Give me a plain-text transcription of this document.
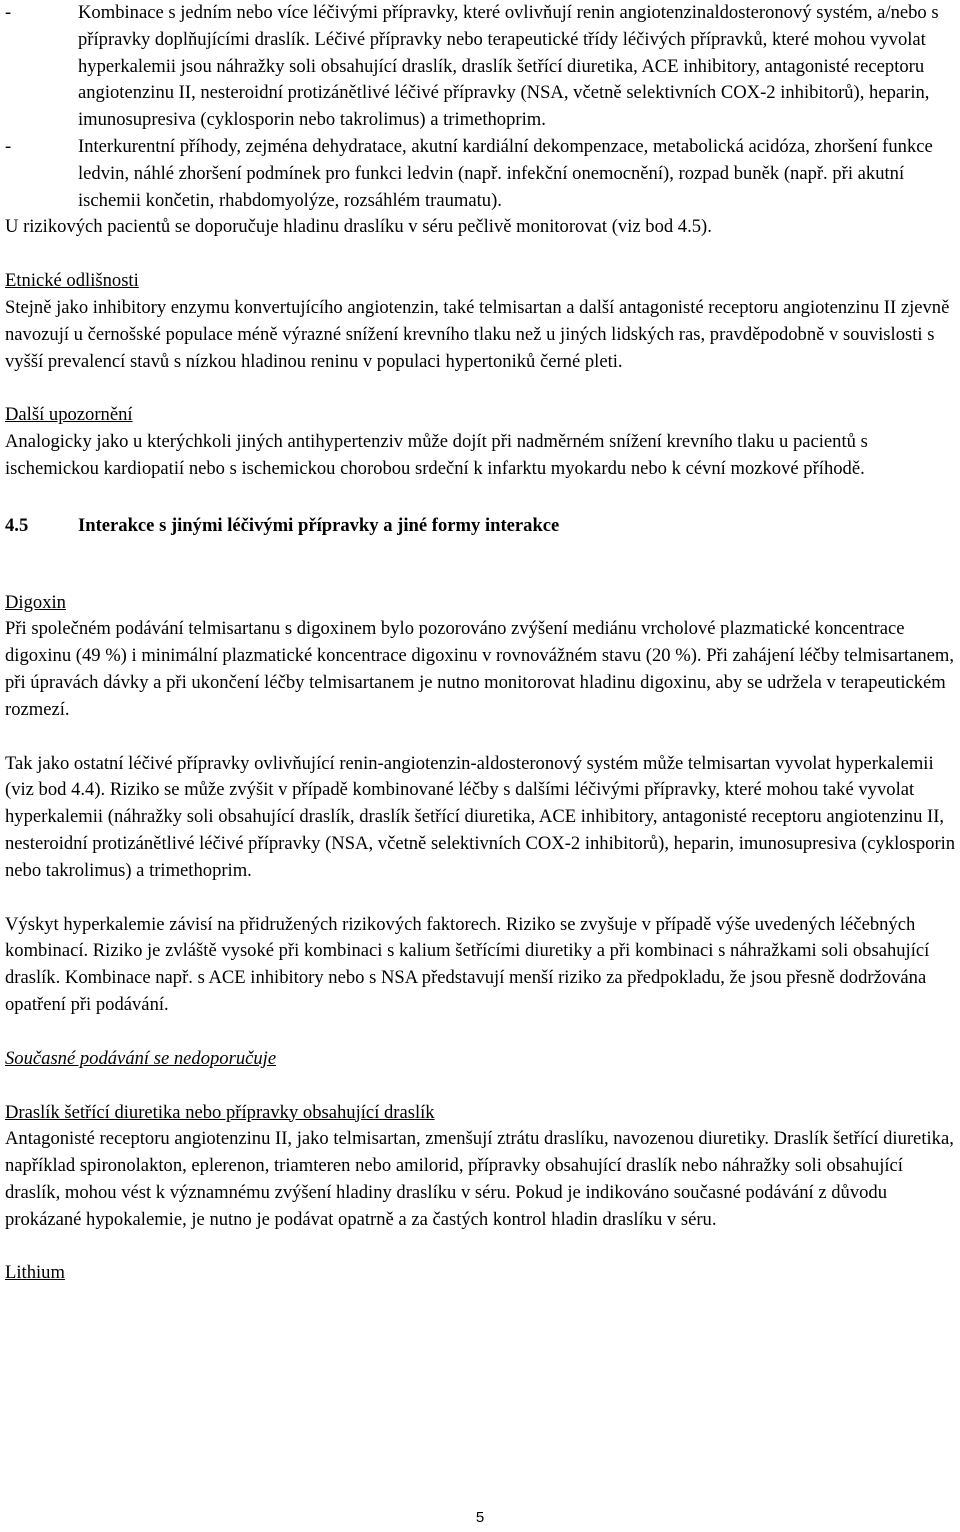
-	Kombinace s jedním nebo více léčivými přípravky, které ovlivňují renin angiotenzinaldosteronový systém, a/nebo s přípravky doplňujícími draslík. Léčivé přípravky nebo terapeutické třídy léčivých přípravků, které mohou vyvolat hyperkalemii jsou náhražky soli obsahující draslík, draslík šetřící diuretika, ACE inhibitory, antagonisté receptoru angiotenzinu II, nesteroidní protizánětlivé léčivé přípravky (NSA, včetně selektivních COX-2 inhibitorů), heparin, imunosupresiva (cyklosporin nebo takrolimus) a trimethoprim.
-	Interkurentní příhody, zejména dehydratace, akutní kardiální dekompenzace, metabolická acidóza, zhoršení funkce ledvin, náhlé zhoršení podmínek pro funkci ledvin (např. infekční onemocnění), rozpad buněk (např. při akutní ischemii končetin, rhabdomyolýze, rozsáhlém traumatu).

U rizikových pacientů se doporučuje hladinu draslíku v séru pečlivě monitorovat (viz bod 4.5).

Etnické odlišnosti

Stejně jako inhibitory enzymu konvertujícího angiotenzin, také telmisartan a další antagonisté receptoru angiotenzinu II zjevně navozují u černošské populace méně výrazné snížení krevního tlaku než u jiných lidských ras, pravděpodobně v souvislosti s vyšší prevalencí stavů s nízkou hladinou reninu v populaci hypertoniků černé pleti.

Další upozornění

Analogicky jako u kterýchkoli jiných antihypertenziv může dojít při nadměrném snížení krevního tlaku u pacientů s ischemickou kardiopatií nebo s ischemickou chorobou srdeční k infarktu myokardu nebo k cévní mozkové příhodě.

4.5	Interakce s jinými léčivými přípravky a jiné formy interakce

Digoxin

Při společném podávání telmisartanu s digoxinem bylo pozorováno zvýšení mediánu vrcholové plazmatické koncentrace digoxinu (49 %) i minimální plazmatické koncentrace digoxinu v rovnovážném stavu (20 %). Při zahájení léčby telmisartanem, při úpravách dávky a při ukončení léčby telmisartanem je nutno monitorovat hladinu digoxinu, aby se udržela v terapeutickém rozmezí.

Tak jako ostatní léčivé přípravky ovlivňující renin-angiotenzin-aldosteronový systém může telmisartan vyvolat hyperkalemii (viz bod 4.4). Riziko se může zvýšit v případě kombinované léčby s dalšími léčivými přípravky, které mohou také vyvolat hyperkalemii (náhražky soli obsahující draslík, draslík šetřící diuretika, ACE inhibitory, antagonisté receptoru angiotenzinu II, nesteroidní protizánětlivé léčivé přípravky (NSA, včetně selektivních COX-2 inhibitorů), heparin, imunosupresiva (cyklosporin nebo takrolimus) a trimethoprim.

Výskyt hyperkalemie závisí na přidružených rizikových faktorech. Riziko se zvyšuje v případě výše uvedených léčebných kombinací. Riziko je zvláště vysoké při kombinaci s kalium šetřícími diuretiky a při kombinaci s náhražkami soli obsahující draslík. Kombinace např. s ACE inhibitory nebo s NSA představují menší riziko za předpokladu, že jsou přesně dodržována opatření při podávání.

Současné podávání se nedoporučuje

Draslík šetřící diuretika nebo přípravky obsahující draslík

Antagonisté receptoru angiotenzinu II, jako telmisartan, zmenšují ztrátu draslíku, navozenou diuretiky. Draslík šetřící diuretika, například spironolakton, eplerenon, triamteren nebo amilorid, přípravky obsahující draslík nebo náhražky soli obsahující draslík, mohou vést k významnému zvýšení hladiny draslíku v séru. Pokud je indikováno současné podávání z důvodu prokázané hypokalemie, je nutno je podávat opatrně a za častých kontrol hladin draslíku v séru.

Lithium

5
